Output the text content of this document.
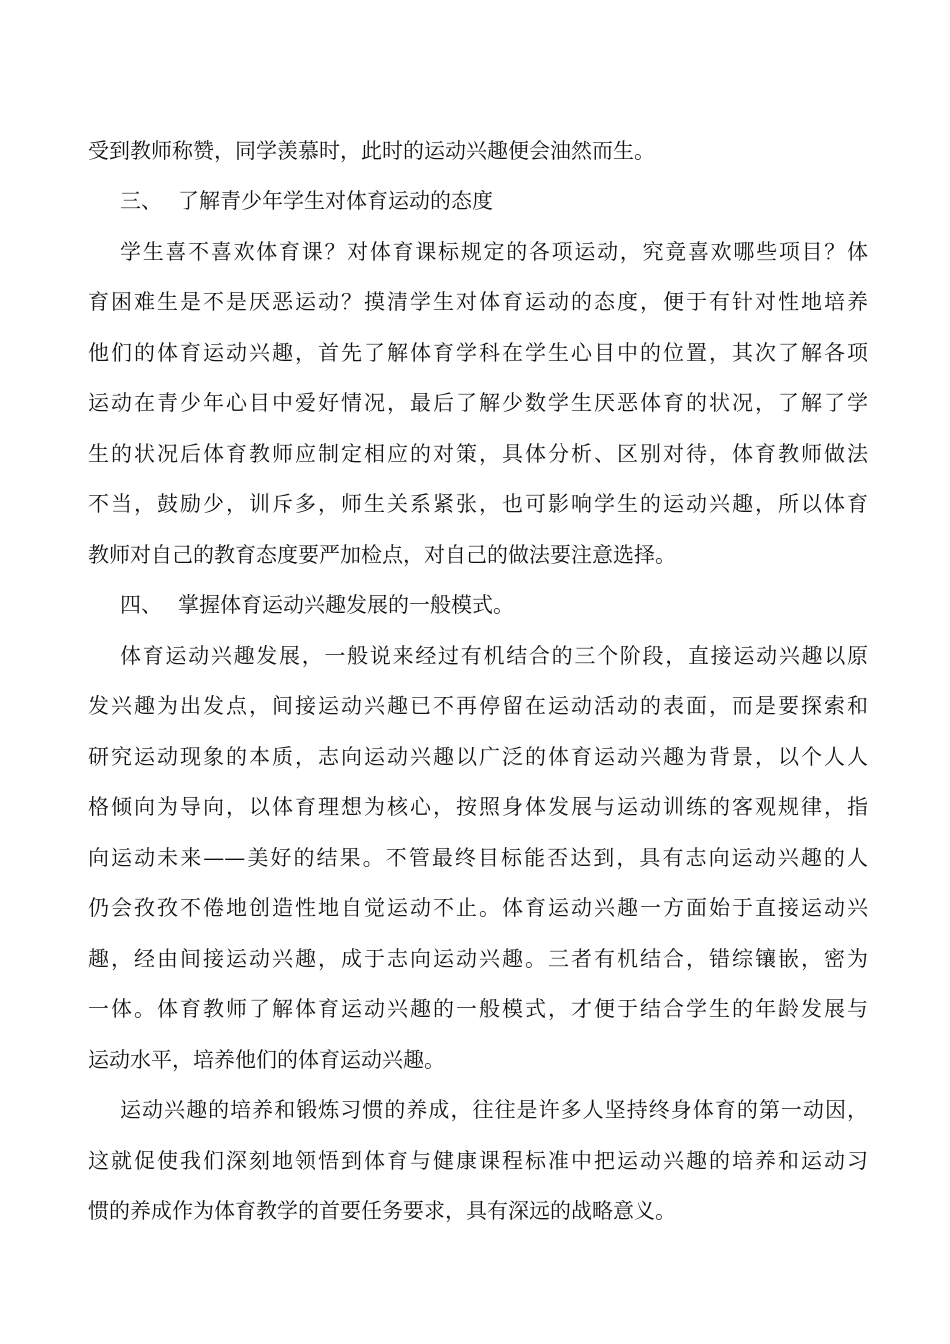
受到教师称赞，同学羡慕时，此时的运动兴趣便会油然而生。
三、 了解青少年学生对体育运动的态度
学生喜不喜欢体育课？对体育课标规定的各项运动，究竟喜欢哪些项目？体
育困难生是不是厌恶运动？摸清学生对体育运动的态度，便于有针对性地培养
他们的体育运动兴趣，首先了解体育学科在学生心目中的位置，其次了解各项
运动在青少年心目中爱好情况，最后了解少数学生厌恶体育的状况，了解了学
生的状况后体育教师应制定相应的对策，具体分析、区别对待，体育教师做法
不当，鼓励少，训斥多，师生关系紧张，也可影响学生的运动兴趣，所以体育
教师对自己的教育态度要严加检点，对自己的做法要注意选择。
四、 掌握体育运动兴趣发展的一般模式。
体育运动兴趣发展，一般说来经过有机结合的三个阶段，直接运动兴趣以原
发兴趣为出发点，间接运动兴趣已不再停留在运动活动的表面，而是要探索和
研究运动现象的本质，志向运动兴趣以广泛的体育运动兴趣为背景，以个人人
格倾向为导向，以体育理想为核心，按照身体发展与运动训练的客观规律，指
向运动未来——美好的结果。不管最终目标能否达到，具有志向运动兴趣的人
仍会孜孜不倦地创造性地自觉运动不止。体育运动兴趣一方面始于直接运动兴
趣，经由间接运动兴趣，成于志向运动兴趣。三者有机结合，错综镶嵌，密为
一体。体育教师了解体育运动兴趣的一般模式，才便于结合学生的年龄发展与
运动水平，培养他们的体育运动兴趣。
运动兴趣的培养和锻炼习惯的养成，往往是许多人坚持终身体育的第一动因，
这就促使我们深刻地领悟到体育与健康课程标准中把运动兴趣的培养和运动习
惯的养成作为体育教学的首要任务要求，具有深远的战略意义。
